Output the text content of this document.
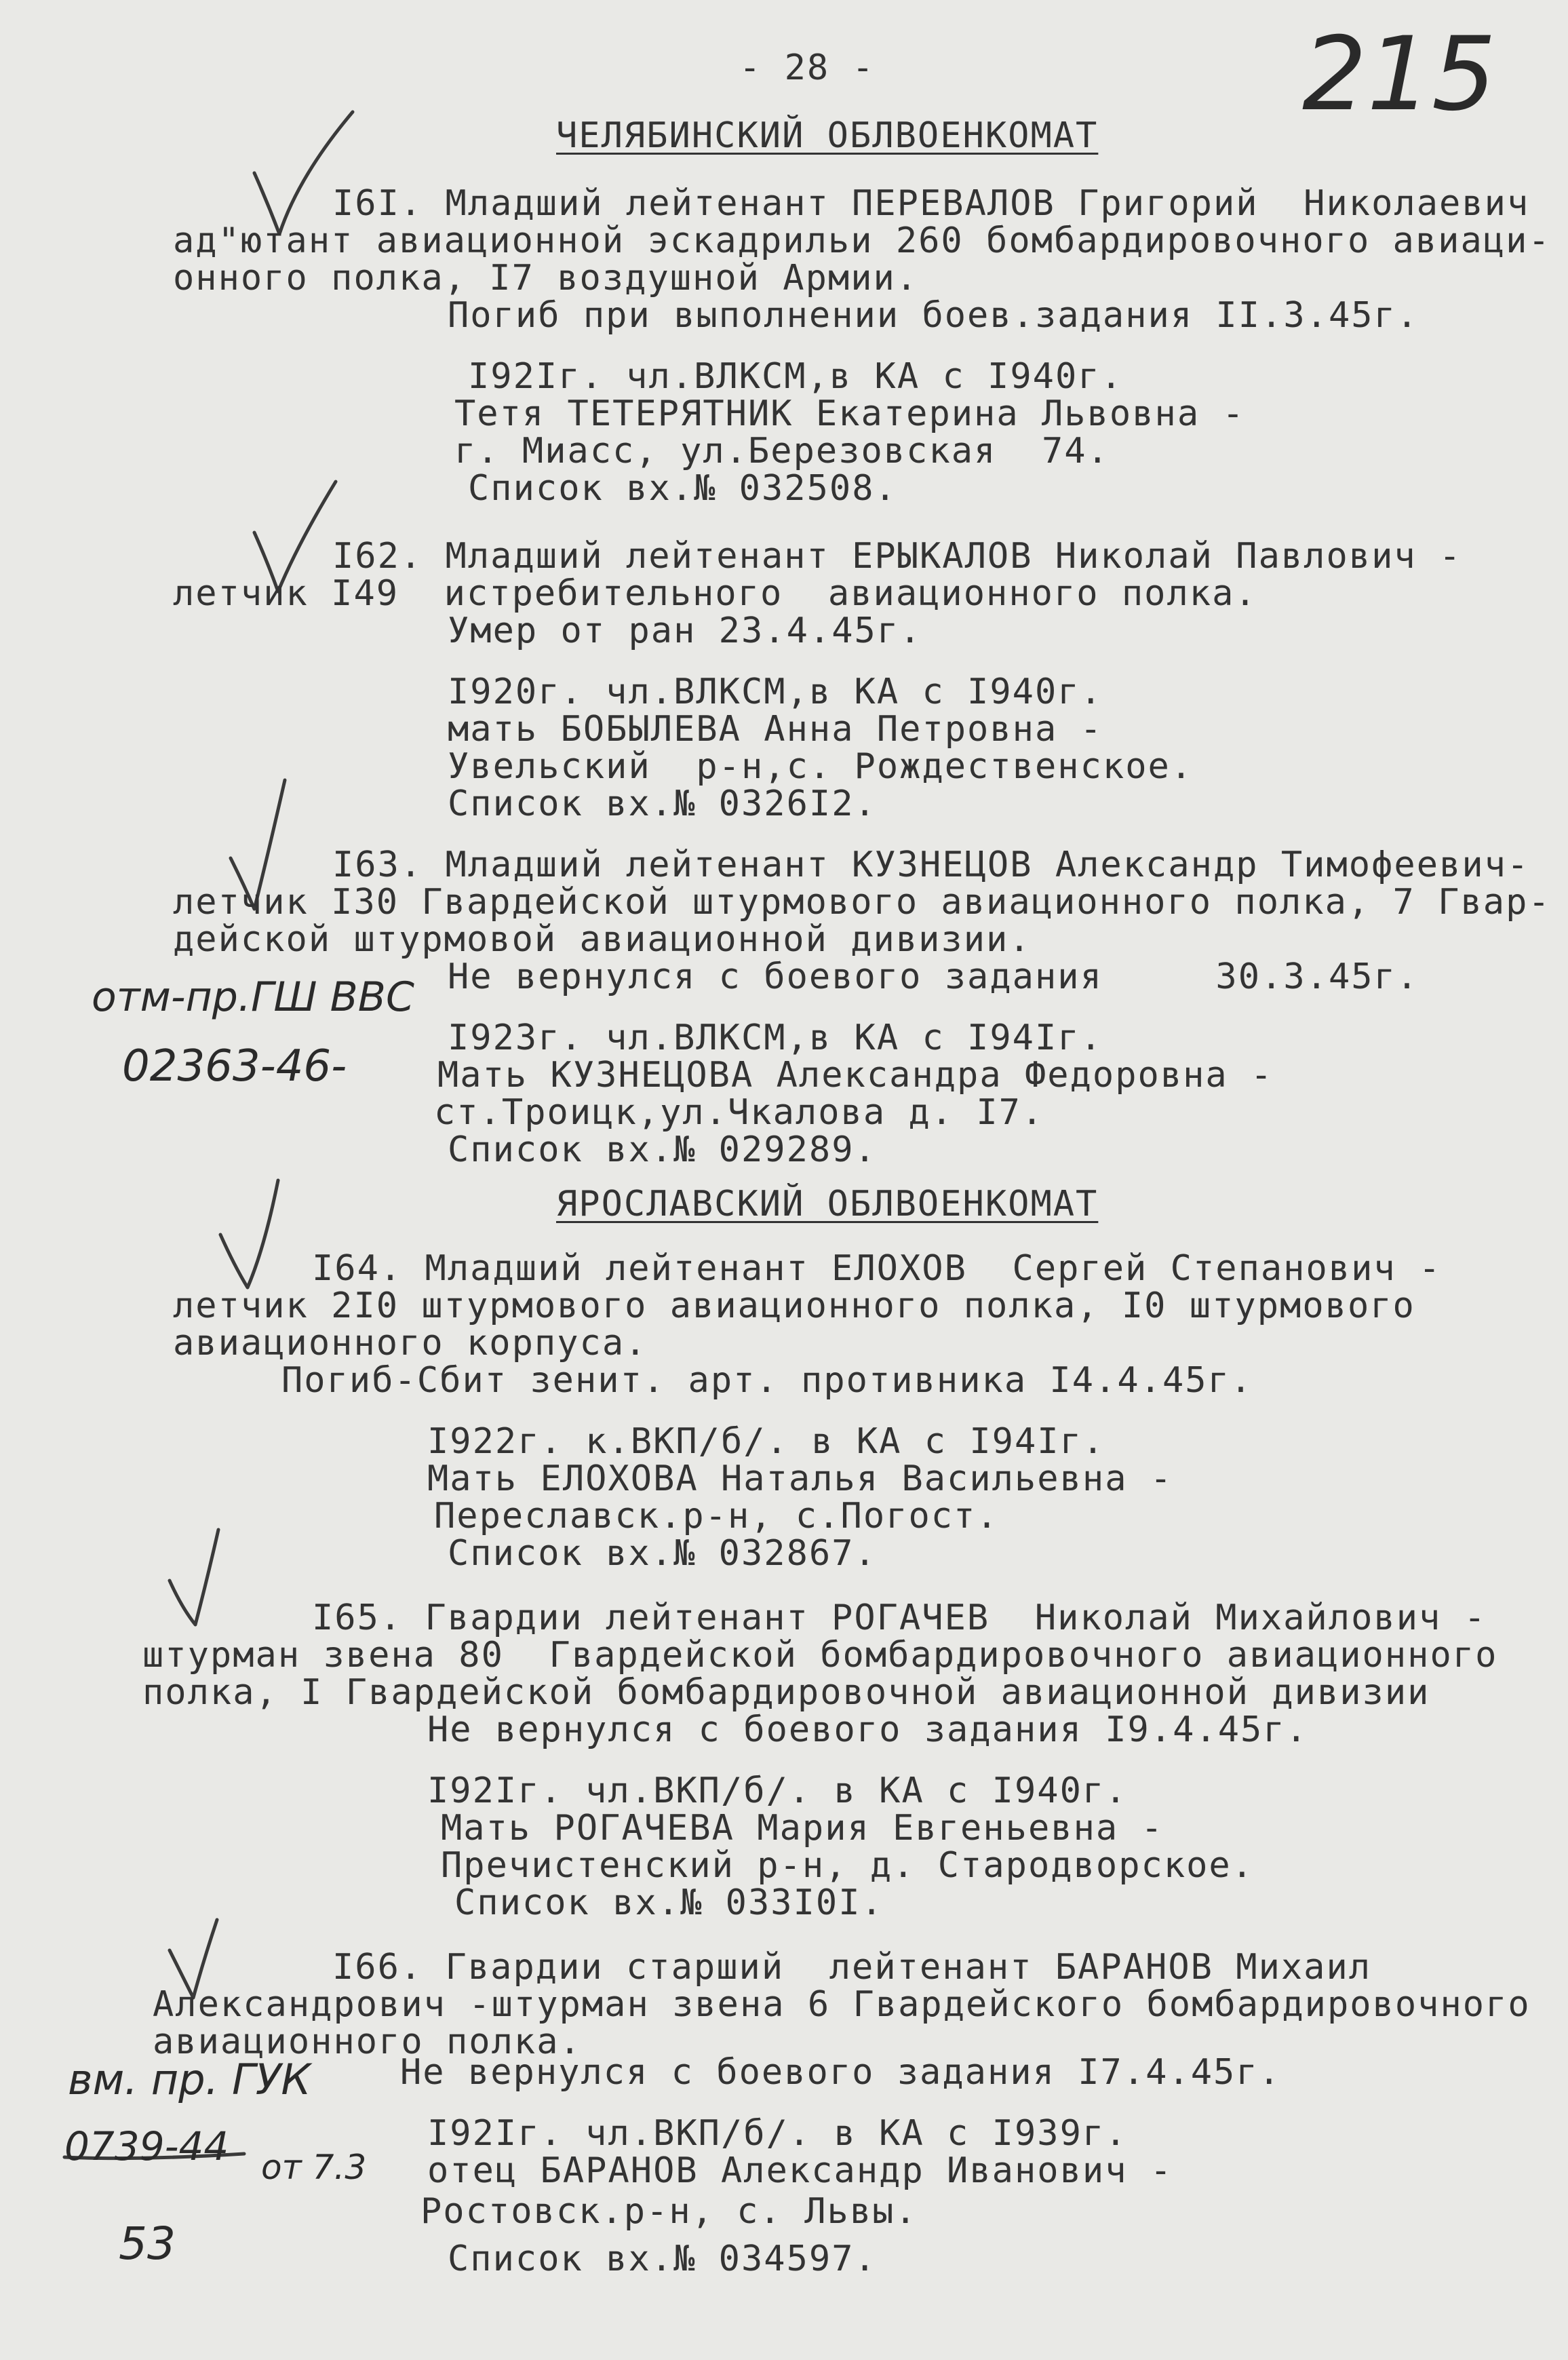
- 28 -	215
ЧЕЛЯБИНСКИЙ ОБЛВОЕНКОМАТ
I6I. Младший лейтенант ПЕРЕВАЛОВ Григорий  Николаевич
ад"ютант авиационной эскадрильи 260 бомбардировочного авиаци-
онного полка, I7 воздушной Армии.
Погиб при выполнении боев.задания II.3.45г.
I92Iг. чл.ВЛКСМ,в КА с I940г.
Тетя ТЕТЕРЯТНИК Екатерина Львовна -
г. Миасс, ул.Березовская  74.
Список вх.№ 032508.
I62. Младший лейтенант ЕРЫКАЛОВ Николай Павлович -
летчик I49  истребительного  авиационного полка.
Умер от ран 23.4.45г.
I920г. чл.ВЛКСМ,в КА с I940г.
мать БОБЫЛЕВА Анна Петровна -
Увельский  р-н,с. Рождественское.
Список вх.№ 0326I2.
I63. Младший лейтенант КУЗНЕЦОВ Александр Тимофеевич-
летчик I30 Гвардейской штурмового авиационного полка, 7 Гвар-
дейской штурмовой авиационной дивизии.
Не вернулся с боевого задания     30.3.45г.
I923г. чл.ВЛКСМ,в КА с I94Iг.
Мать КУЗНЕЦОВА Александра Федоровна -
ст.Троицк,ул.Чкалова д. I7.
Список вх.№ 029289.
ЯРОСЛАВСКИЙ ОБЛВОЕНКОМАТ
I64. Младший лейтенант ЕЛОХОВ  Сергей Степанович -
летчик 2I0 штурмового авиационного полка, I0 штурмового
авиационного корпуса.
Погиб-Сбит зенит. арт. противника I4.4.45г.
I922г. к.ВКП/б/. в КА с I94Iг.
Мать ЕЛОХОВА Наталья Васильевна -
Переславск.р-н, с.Погост.
Список вх.№ 032867.
I65. Гвардии лейтенант РОГАЧЕВ  Николай Михайлович -
штурман звена 80  Гвардейской бомбардировочного авиационного
полка, I Гвардейской бомбардировочной авиационной дивизии
Не вернулся с боевого задания I9.4.45г.
I92Iг. чл.ВКП/б/. в КА с I940г.
Мать РОГАЧЕВА Мария Евгеньевна -
Пречистенский р-н, д. Стародворское.
Список вх.№ 033I0I.
I66. Гвардии старший  лейтенант БАРАНОВ Михаил
Александрович -штурман звена 6 Гвардейского бомбардировочного
авиационного полка.
Не вернулся с боевого задания I7.4.45г.
I92Iг. чл.ВКП/б/. в КА с I939г.
отец БАРАНОВ Александр Иванович -
Ростовск.р-н, с. Львы.
Список вх.№ 034597.
отм-пр.ГШ ВВС
02363-46-
вм. пр. ГУК
0739-44 от 7.3
53
